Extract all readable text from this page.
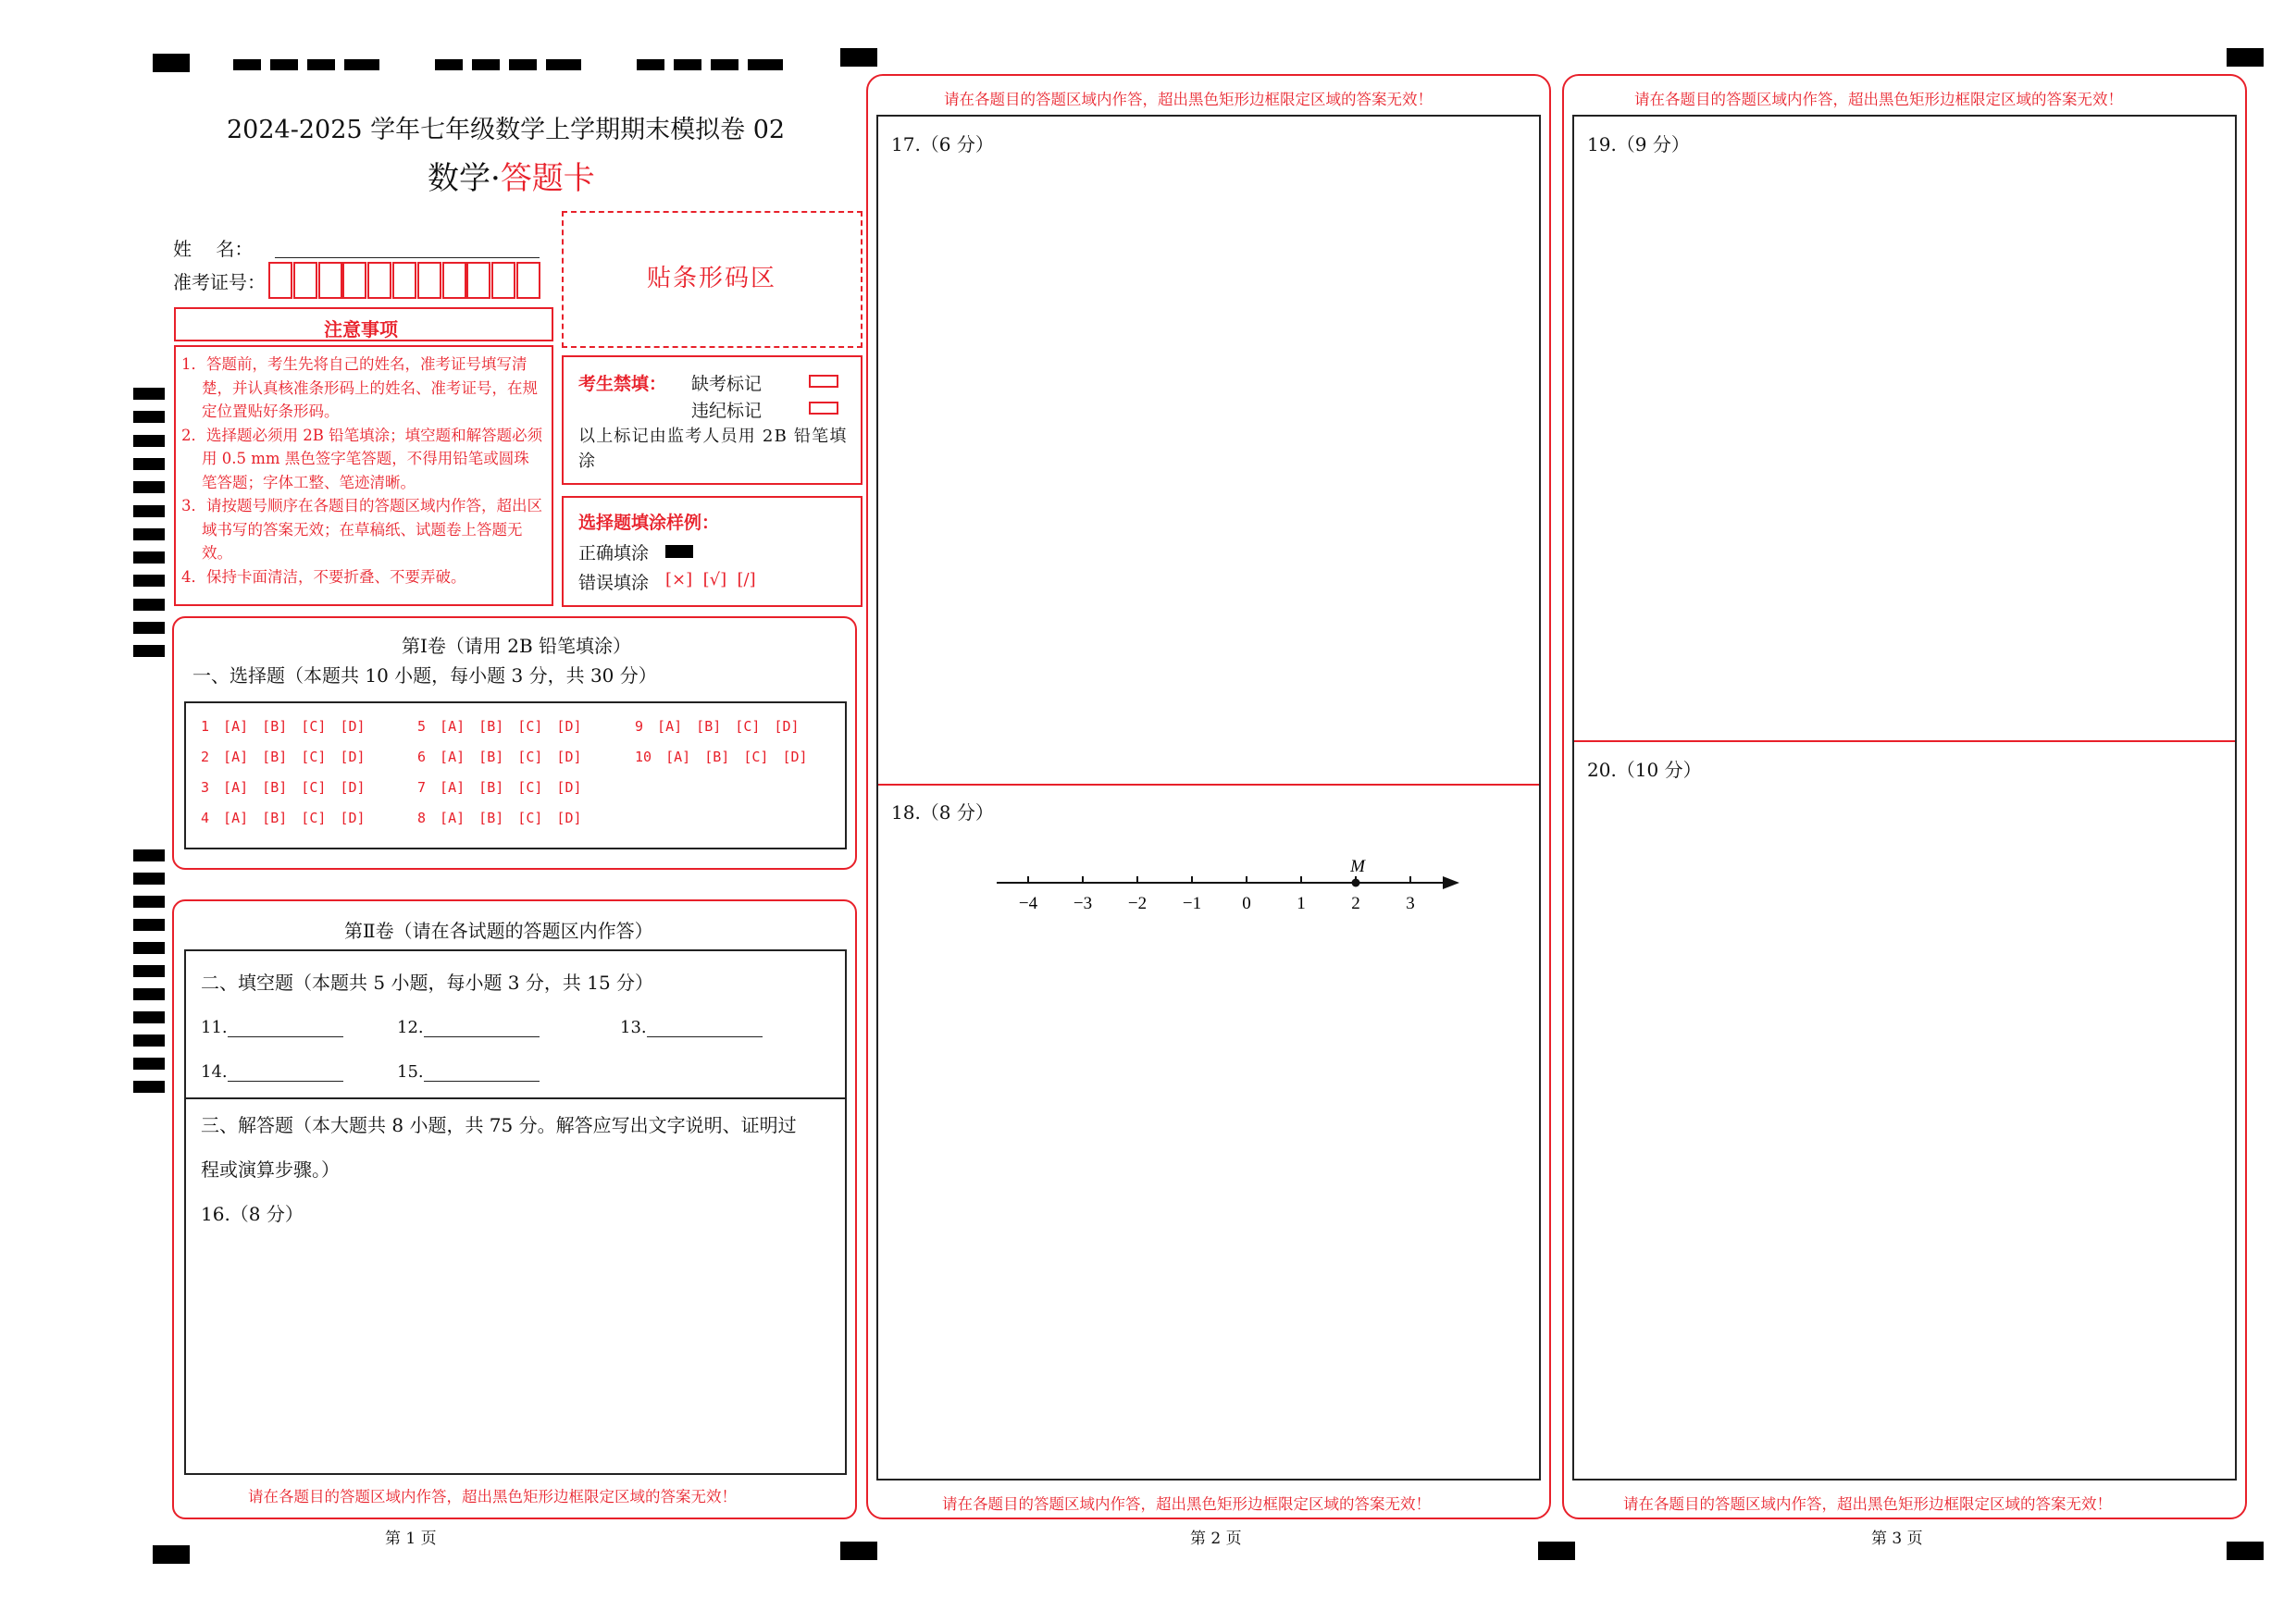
2024-2025 学年七年级数学上学期期末模拟卷 02
数学·答题卡
姓 名：
准考证号：	贴条形码区
注意事项
1．答题前，考生先将自己的姓名，准考证号填写清楚，并认真核准条形码上的姓名、准考证号，在规定位置贴好条形码。
2．选择题必须用 2B 铅笔填涂；填空题和解答题必须用 0.5 mm 黑色签字笔答题，不得用铅笔或圆珠笔答题；字体工整、笔迹清晰。
3．请按题号顺序在各题目的答题区域内作答，超出区域书写的答案无效；在草稿纸、试题卷上答题无效。
4．保持卡面清洁，不要折叠、不要弄破。
考生禁填： 缺考标记
违纪标记
以上标记由监考人员用 2B 铅笔填涂
选择题填涂样例：
正确填涂
错误填涂 [×]  [√]  [/]
第Ⅰ卷（请用 2B 铅笔填涂）
一、选择题（本题共 10 小题，每小题 3 分，共 30 分）
1 [A] [B] [C] [D]
2 [A] [B] [C] [D]
3 [A] [B] [C] [D]
4 [A] [B] [C] [D]
5 [A] [B] [C] [D]
6 [A] [B] [C] [D]
7 [A] [B] [C] [D]
8 [A] [B] [C] [D]
9 [A] [B] [C] [D]
10 [A] [B] [C] [D]
第Ⅱ卷（请在各试题的答题区内作答）
二、填空题（本题共 5 小题，每小题 3 分，共 15 分）
11.	12.	13.
14.	15.
三、解答题（本大题共 8 小题，共 75 分。解答应写出文字说明、证明过
程或演算步骤。）
16.（8 分）
请在各题目的答题区域内作答，超出黑色矩形边框限定区域的答案无效！
第 1 页
请在各题目的答题区域内作答，超出黑色矩形边框限定区域的答案无效！
17.（6 分）
18.（8 分）
−4 −3 −2 −1 0	1	2	3
M
请在各题目的答题区域内作答，超出黑色矩形边框限定区域的答案无效！
第 2 页
请在各题目的答题区域内作答，超出黑色矩形边框限定区域的答案无效！
19.（9 分）
20.（10 分）
请在各题目的答题区域内作答，超出黑色矩形边框限定区域的答案无效！
第 3 页
